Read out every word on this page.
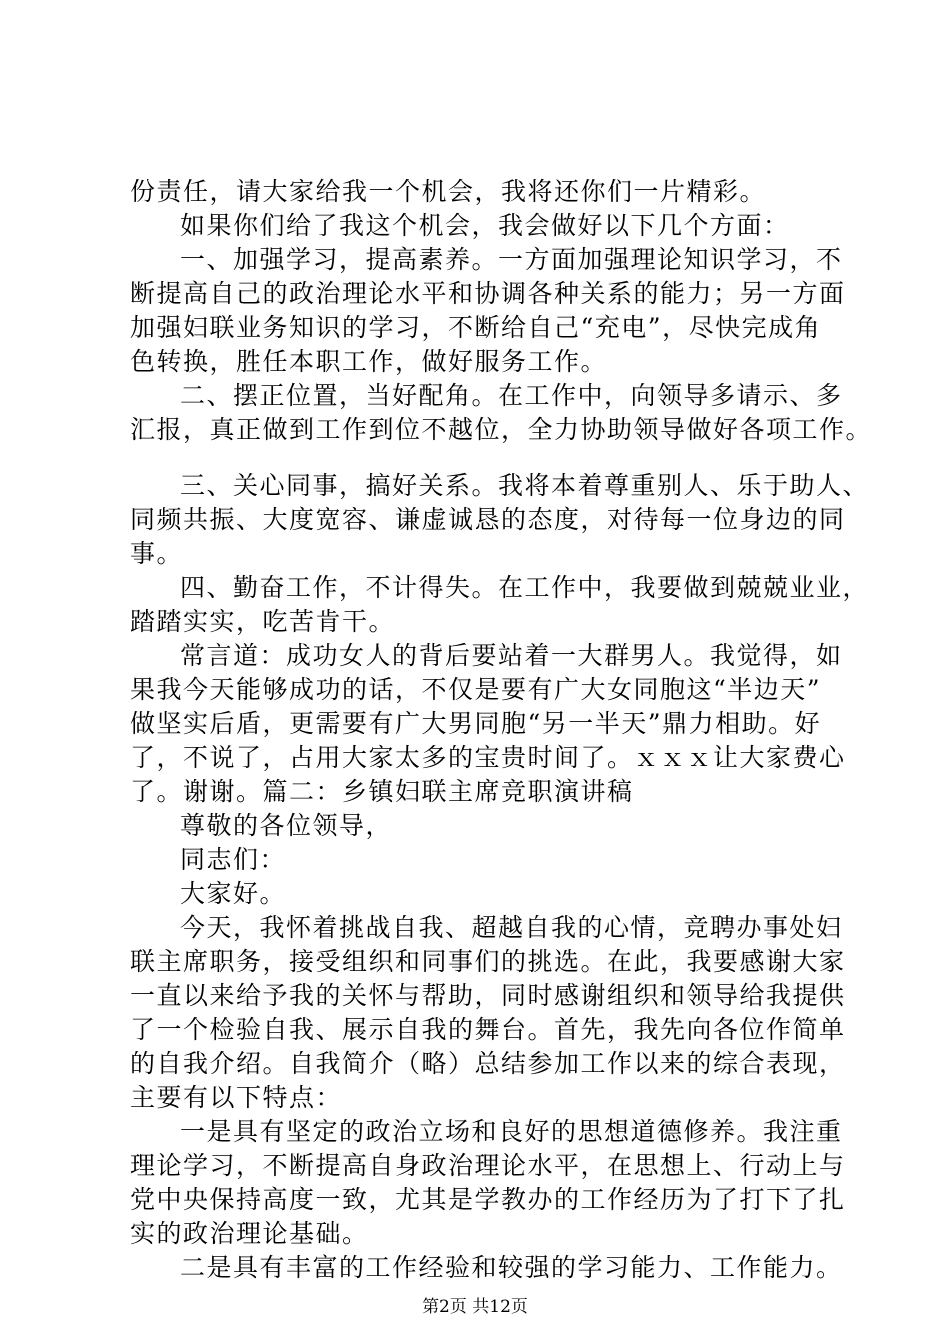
份责任，请大家给我一个机会，我将还你们一片精彩。
如果你们给了我这个机会，我会做好以下几个方面：
一、加强学习，提高素养。一方面加强理论知识学习，不
断提高自己的政治理论水平和协调各种关系的能力；另一方面
加强妇联业务知识的学习，不断给自己“充电”，尽快完成角
色转换，胜任本职工作，做好服务工作。
二、摆正位置，当好配角。在工作中，向领导多请示、多
汇报，真正做到工作到位不越位，全力协助领导做好各项工作。
三、关心同事，搞好关系。我将本着尊重别人、乐于助人、
同频共振、大度宽容、谦虚诚恳的态度，对待每一位身边的同
事。
四、勤奋工作，不计得失。在工作中，我要做到兢兢业业，
踏踏实实，吃苦肯干。
常言道：成功女人的背后要站着一大群男人。我觉得，如
果我今天能够成功的话，不仅是要有广大女同胞这“半边天”
做坚实后盾，更需要有广大男同胞“另一半天”鼎力相助。好
了，不说了，占用大家太多的宝贵时间了。ｘｘｘ让大家费心
了。谢谢。篇二：乡镇妇联主席竞职演讲稿
尊敬的各位领导，
同志们：
大家好。
今天，我怀着挑战自我、超越自我的心情，竞聘办事处妇
联主席职务，接受组织和同事们的挑选。在此，我要感谢大家
一直以来给予我的关怀与帮助，同时感谢组织和领导给我提供
了一个检验自我、展示自我的舞台。首先，我先向各位作简单
的自我介绍。自我简介（略）总结参加工作以来的综合表现，
主要有以下特点：
一是具有坚定的政治立场和良好的思想道德修养。我注重
理论学习，不断提高自身政治理论水平，在思想上、行动上与
党中央保持高度一致，尤其是学教办的工作经历为了打下了扎
实的政治理论基础。
二是具有丰富的工作经验和较强的学习能力、工作能力。
第2页 共12页
